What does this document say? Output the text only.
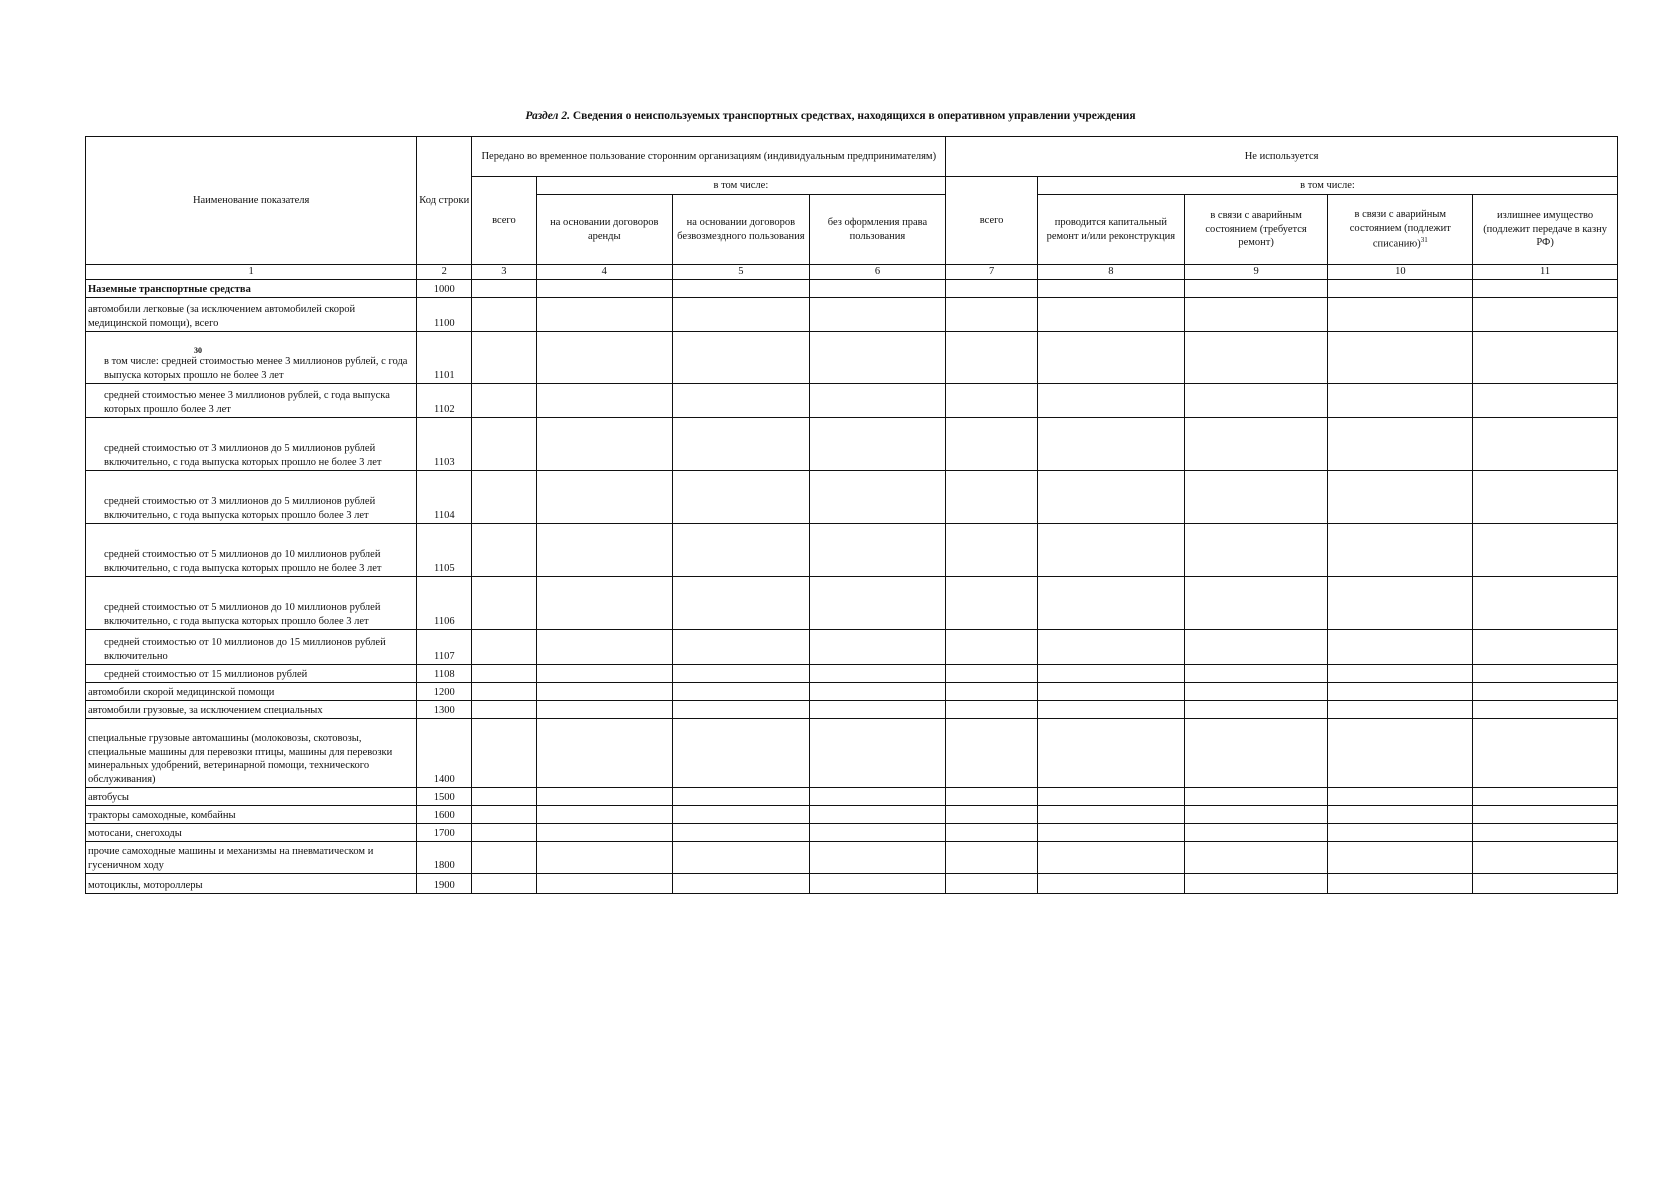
Раздел 2. Сведения о неиспользуемых транспортных средствах, находящихся в оперативном управлении учреждения
Наименование показателя	Код строки	Передано во временное пользование сторонним организациям (индивидуальным предпринимателям)				Не используется				
		всего	в том числе:			всего	в том числе:			
			на основании договоров аренды	на основании договоров безвозмездного пользования	без оформления права пользования		проводится капитальный ремонт и/или реконструкция	в связи с аварийным состоянием (требуется ремонт)	в связи с аварийным состоянием (подлежит списанию)$^{31}$	излишнее имущество (подлежит передаче в казну РФ)
1	2	3	4	5	6	7	8	9	10	11
Наземные транспортные средства	1000									
автомобили легковые (за исключением автомобилей скорой медицинской помощи), всего	1100									

30
в том числе: средней стоимостью менее 3 миллионов рублей, с года выпуска которых прошло не более 3 лет	1101									
средней стоимостью менее 3 миллионов рублей, с года выпуска которых прошло более 3 лет	1102									
средней стоимостью от 3 миллионов до 5 миллионов рублей включительно, с года выпуска которых прошло не более 3 лет	1103									
средней стоимостью от 3 миллионов до 5 миллионов рублей включительно, с года выпуска которых прошло более 3 лет	1104									
средней стоимостью от 5 миллионов до 10 миллионов рублей включительно, с года выпуска которых прошло не более 3 лет	1105									
средней стоимостью от 5 миллионов до 10 миллионов рублей включительно, с года выпуска которых прошло более 3 лет	1106									
средней стоимостью от 10 миллионов до 15 миллионов рублей включительно	1107									
средней стоимостью от 15 миллионов рублей	1108									
автомобили скорой медицинской помощи	1200									
автомобили грузовые, за исключением специальных	1300									
специальные грузовые автомашины (молоковозы, скотовозы, специальные машины для перевозки птицы, машины для перевозки минеральных удобрений, ветеринарной помощи, технического обслуживания)	1400									
автобусы	1500									
тракторы самоходные, комбайны	1600									
мотосани, снегоходы	1700									
прочие самоходные машины и механизмы на пневматическом и гусеничном ходу	1800									
мотоциклы, мотороллеры	1900									
